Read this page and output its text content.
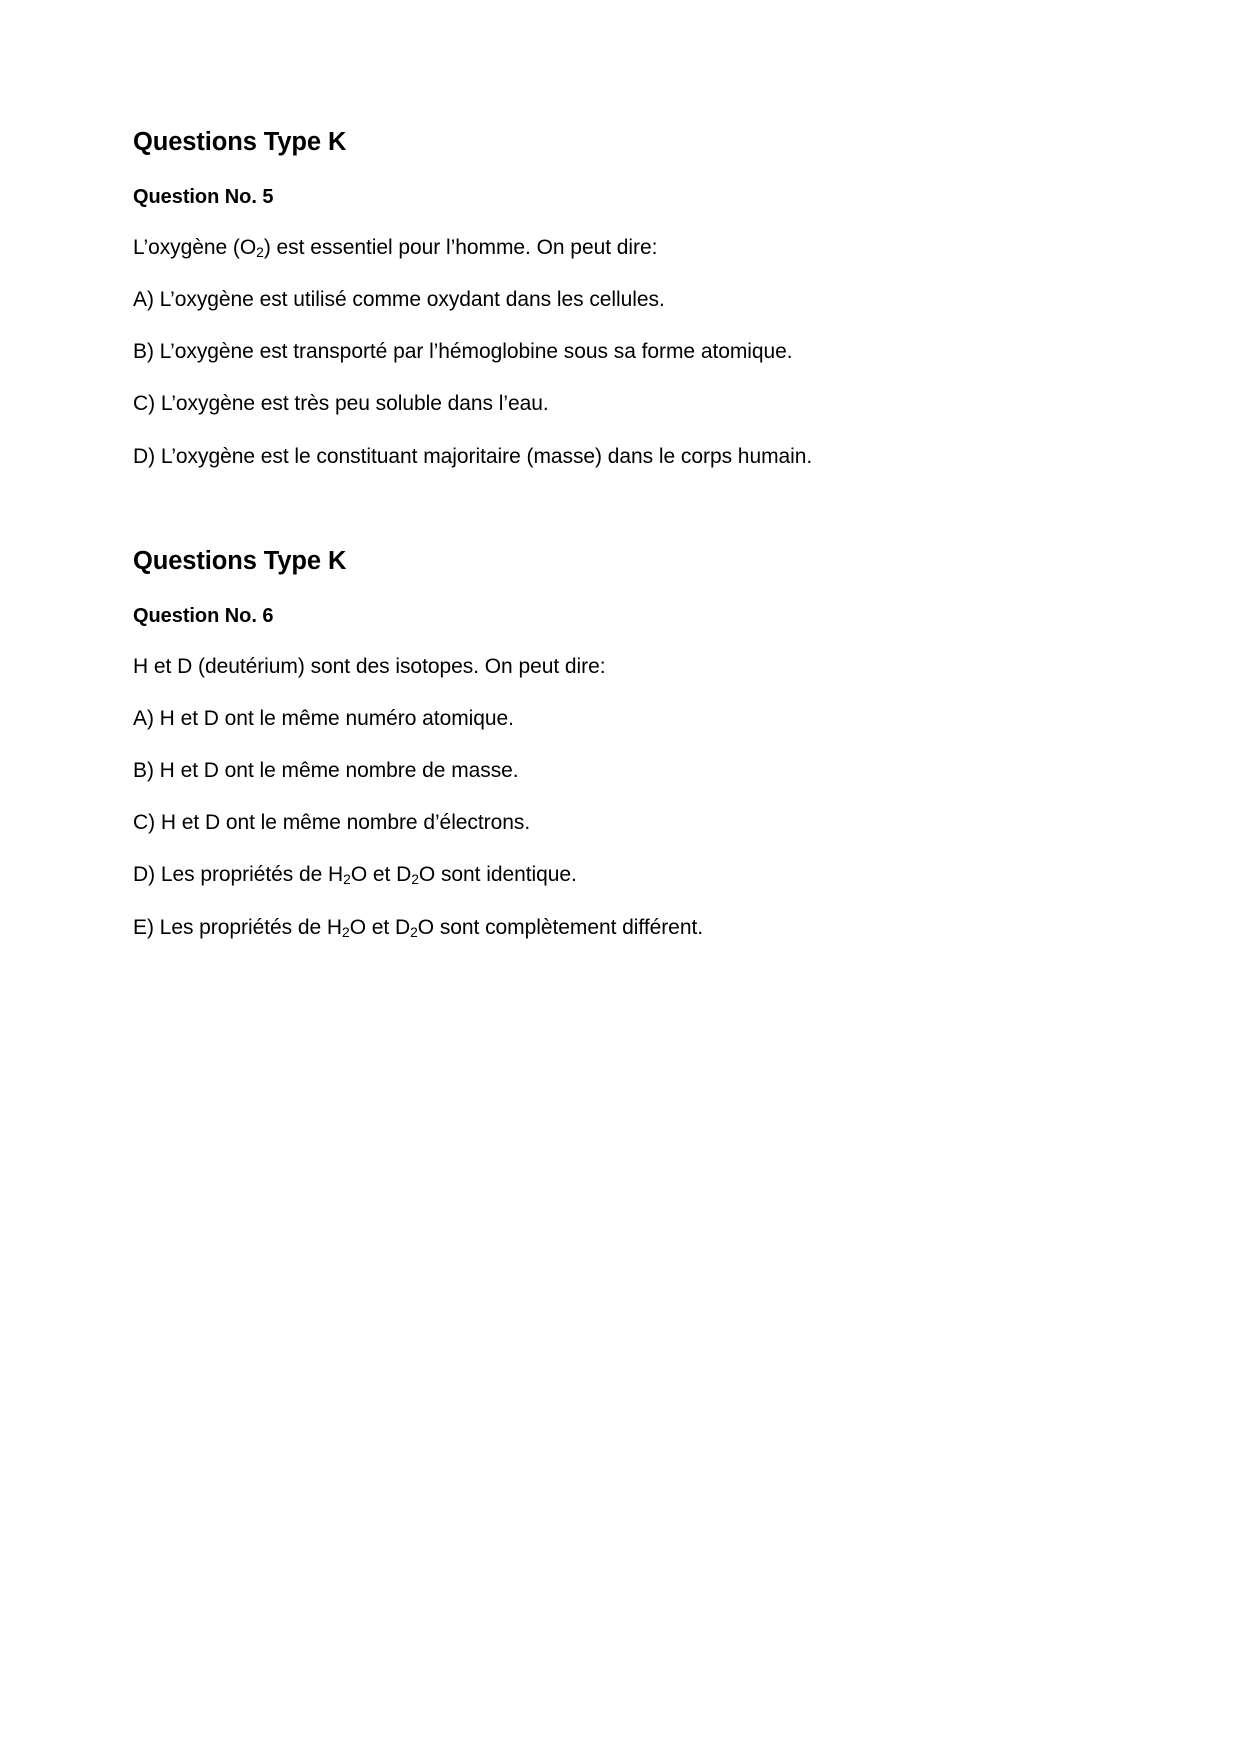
Questions Type K
Question No. 5

L’oxygène $(O_2)$ est essentiel pour l’homme. On peut dire:

A) L’oxygène est utilisé comme oxydant dans les cellules.

B) L’oxygène est transporté par l’hémoglobine sous sa forme atomique.

C) L’oxygène est très peu soluble dans l’eau.

D) L’oxygène est le constituant majoritaire (masse) dans le corps humain.

Questions Type K
Question No. 6

H et D (deutérium) sont des isotopes. On peut dire:

A) H et D ont le même numéro atomique.

B) H et D ont le même nombre de masse.

C) H et D ont le même nombre d’électrons.

D) Les propriétés de $H_2O$ et $D_2O$ sont identique.

E) Les propriétés de $H_2O$ et $D_2O$ sont complètement différent.
